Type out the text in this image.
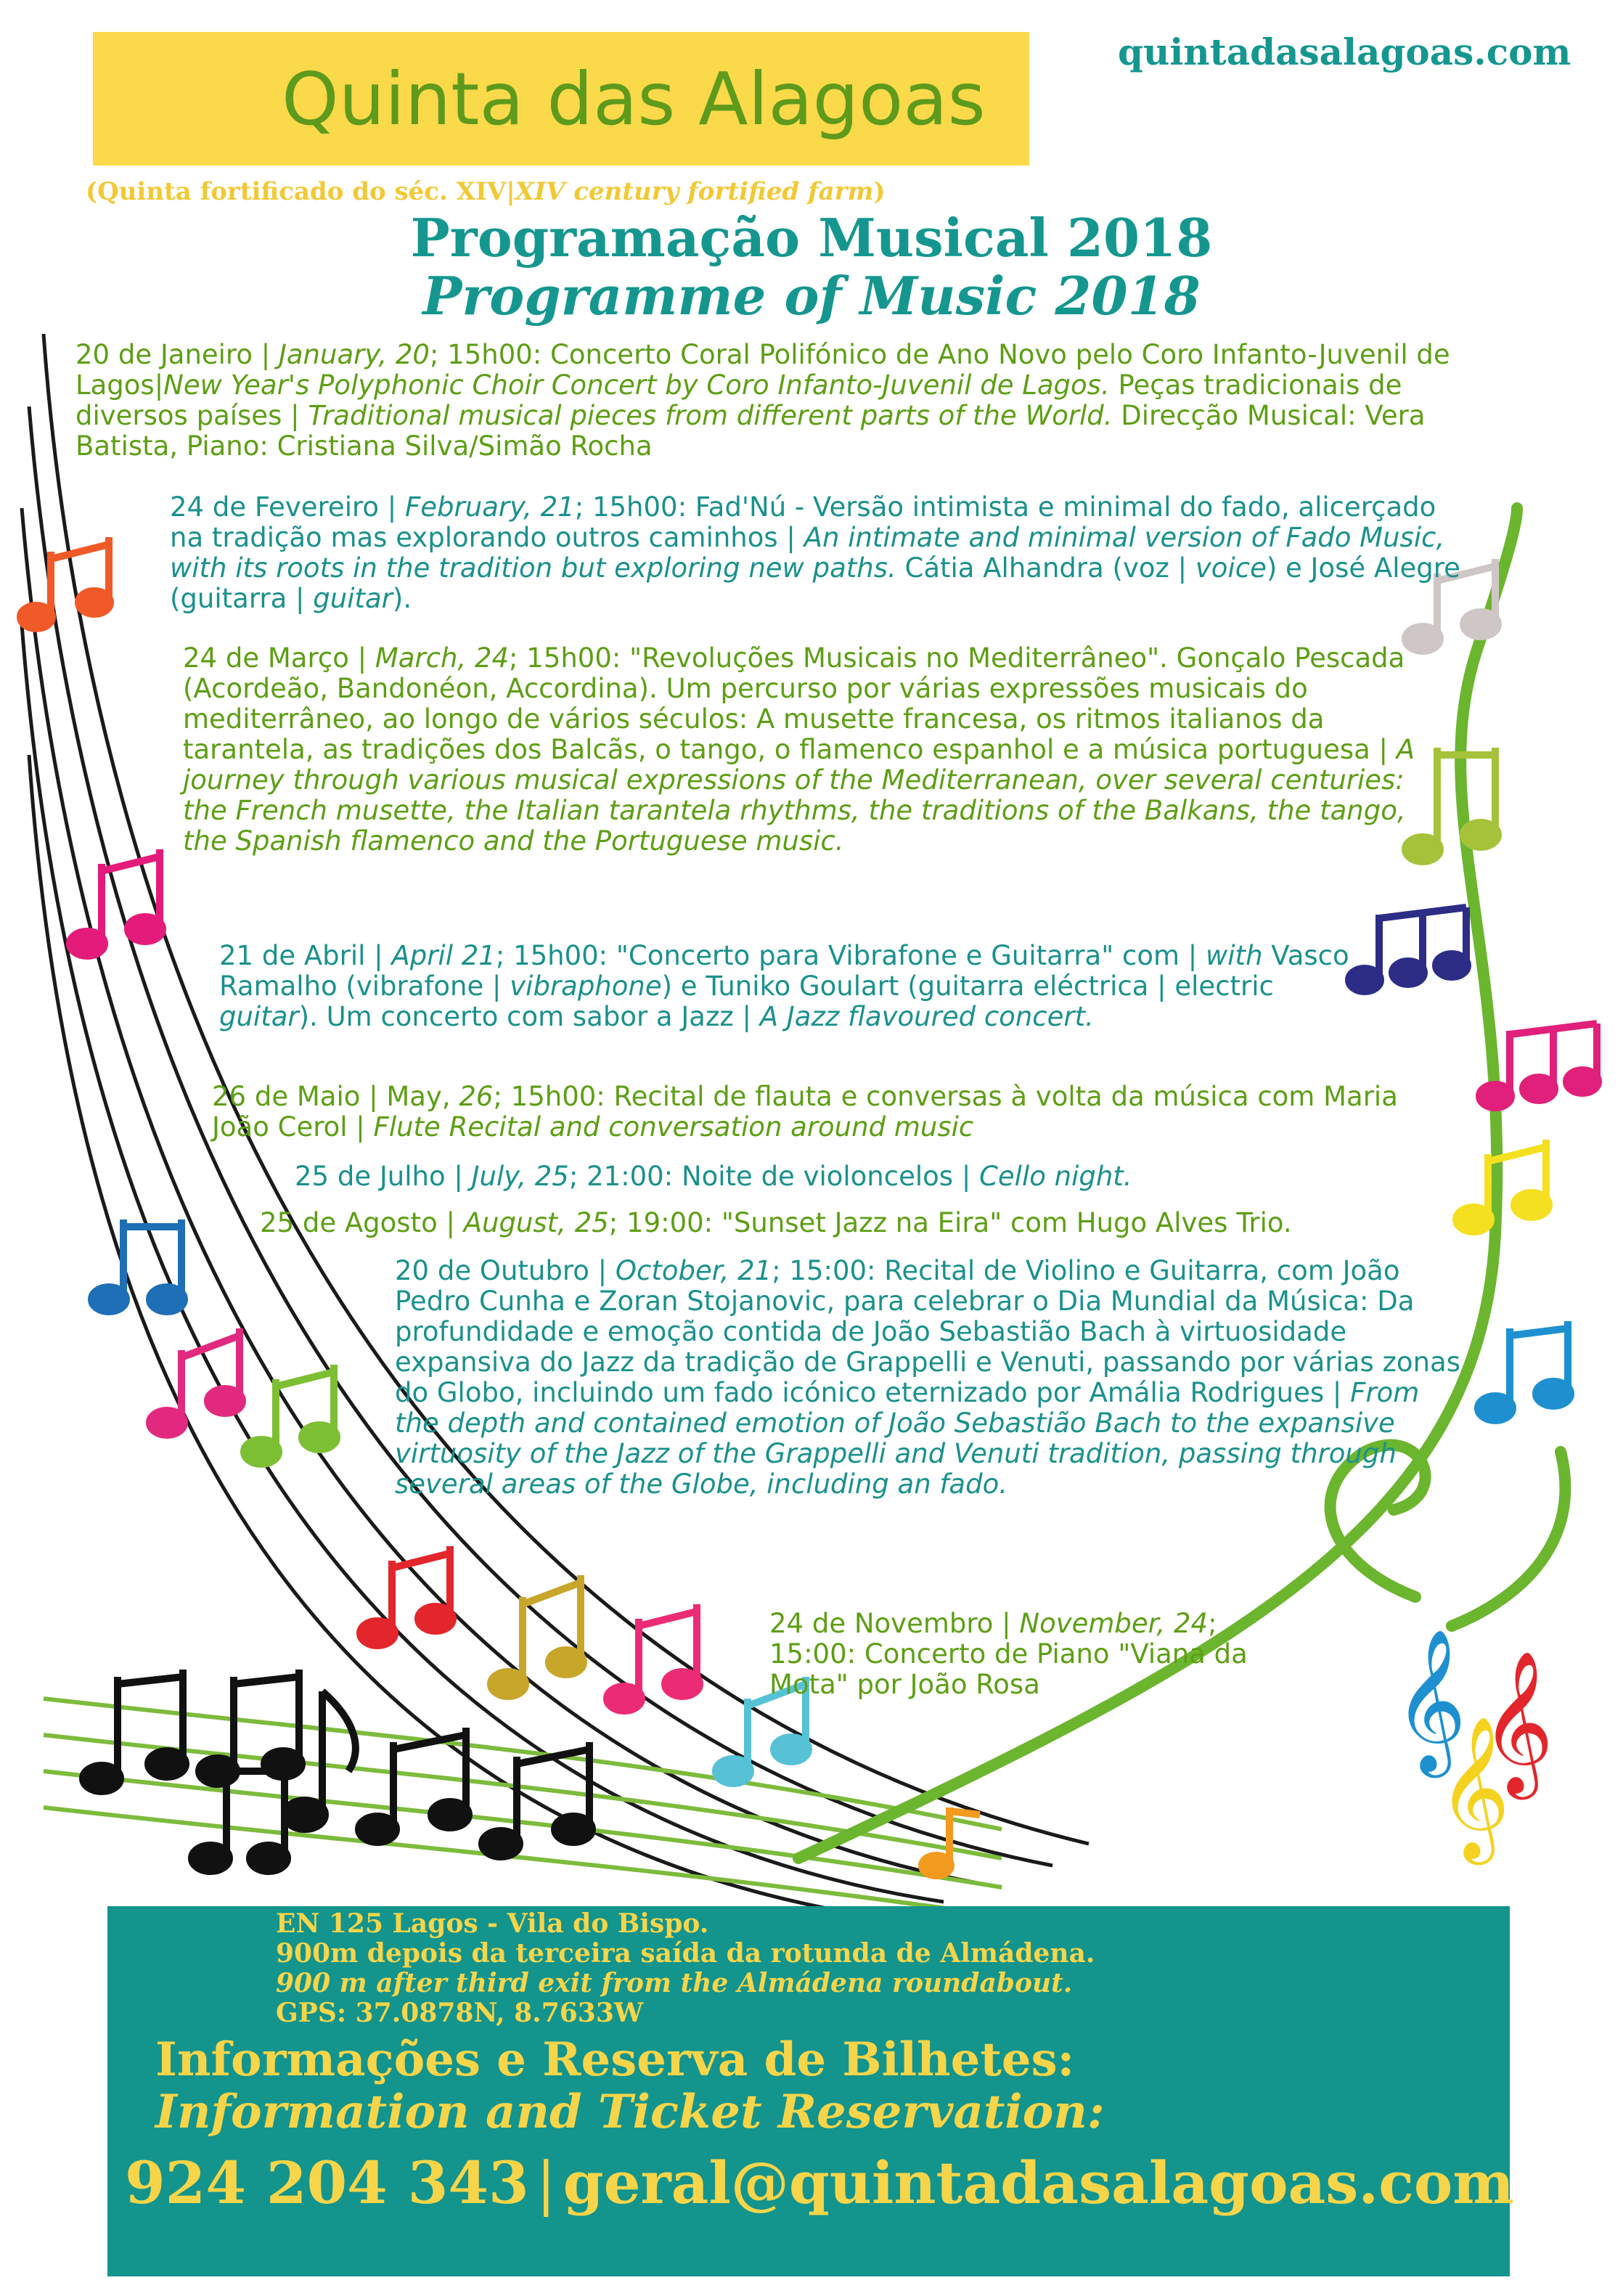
𝄞
𝄞
𝄞
Quinta das Alagoas
quintadasalagoas.com
(Quinta fortificado do séc. XIV|XIV century fortified farm)
Programação Musical 2018
Programme of Music 2018
20 de Janeiro | January, 20; 15h00: Concerto Coral Polifónico de Ano Novo pelo Coro Infanto-Juvenil de Lagos|New Year's Polyphonic Choir Concert by Coro Infanto-Juvenil de Lagos. Peças tradicionais de diversos países | Traditional musical pieces from different parts of the World. Direcção Musical: Vera Batista, Piano: Cristiana Silva/Simão Rocha
24 de Fevereiro | February, 21; 15h00: Fad'Nú - Versão intimista e minimal do fado, alicerçado na tradição mas explorando outros caminhos | An intimate and minimal version of Fado Music, with its roots in the tradition but exploring new paths. Cátia Alhandra (voz | voice) e José Alegre (guitarra | guitar).
24 de Março | March, 24; 15h00: "Revoluções Musicais no Mediterrâneo". Gonçalo Pescada (Acordeão, Bandonéon, Accordina). Um percurso por várias expressões musicais do mediterrâneo, ao longo de vários séculos: A musette francesa, os ritmos italianos da tarantela, as tradições dos Balcãs, o tango, o flamenco espanhol e a música portuguesa | A journey through various musical expressions of the Mediterranean, over several centuries: the French musette, the Italian tarantela rhythms, the traditions of the Balkans, the tango, the Spanish flamenco and the Portuguese music.
21 de Abril | April 21; 15h00: "Concerto para Vibrafone e Guitarra" com | with Vasco Ramalho (vibrafone | vibraphone) e Tuniko Goulart (guitarra eléctrica | electric guitar). Um concerto com sabor a Jazz | A Jazz flavoured concert.
26 de Maio | May, 26; 15h00: Recital de flauta e conversas à volta da música com Maria João Cerol | Flute Recital and conversation around music
25 de Julho | July, 25; 21:00: Noite de violoncelos | Cello night.
25 de Agosto | August, 25; 19:00: "Sunset Jazz na Eira" com Hugo Alves Trio.
20 de Outubro | October, 21; 15:00: Recital de Violino e Guitarra, com João Pedro Cunha e Zoran Stojanovic, para celebrar o Dia Mundial da Música: Da profundidade e emoção contida de João Sebastião Bach à virtuosidade expansiva do Jazz da tradição de Grappelli e Venuti, passando por várias zonas do Globo, incluindo um fado icónico eternizado por Amália Rodrigues | From the depth and contained emotion of João Sebastião Bach to the expansive virtuosity of the Jazz of the Grappelli and Venuti tradition, passing through several areas of the Globe, including an fado.
24 de Novembro | November, 24; 15:00: Concerto de Piano "Viana da Mota" por João Rosa
EN 125 Lagos - Vila do Bispo.
900m depois da terceira saída da rotunda de Almádena.
900 m after third exit from the Almádena roundabout.
GPS: 37.0878N, 8.7633W
Informações e Reserva de Bilhetes:
Information and Ticket Reservation:
924 204 343 | geral@quintadasalagoas.com
